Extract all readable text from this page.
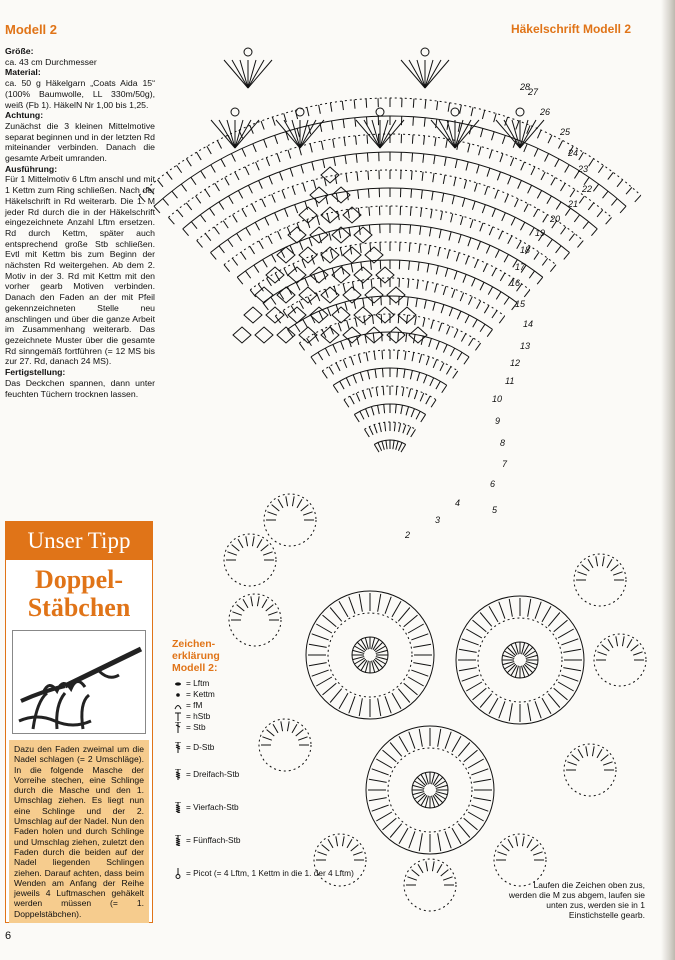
Modell 2
Größe:
ca. 43 cm Durchmesser
Material:
ca. 50 g Häkelgarn „Coats Aida 15“ (100% Baumwolle, LL 330m/50g), weiß (Fb 1). HäkelN Nr 1,00 bis 1,25.
Achtung:
Zunächst die 3 kleinen Mittelmotive separat beginnen und in der letzten Rd miteinander verbinden. Danach die gesamte Arbeit umranden.
Ausführung:
Für 1 Mittelmotiv 6 Lftm anschl und mit 1 Kettm zum Ring schließen. Nach der Häkelschrift in Rd weiterarb. Die 1. M jeder Rd durch die in der Häkelschrift eingezeichnete Anzahl Lftm ersetzen. Rd durch Kettm, später auch entsprechend große Stb schließen. Evtl mit Kettm bis zum Beginn der nächsten Rd weitergehen. Ab dem 2. Motiv in der 3. Rd mit Kettm mit den vorher gearb Motiven verbinden. Danach den Faden an der mit Pfeil gekennzeichneten Stelle neu anschlingen und über die ganze Arbeit im Zusammenhang weiterarb. Das gezeichnete Muster über die gesamte Rd sinngemäß fortführen (= 12 MS bis zur 27. Rd, danach 24 MS).
Fertigstellung:
Das Deckchen spannen, dann unter feuchten Tüchern trocknen lassen.
Unser Tipp
Doppel-
Stäbchen
Dazu den Faden zweimal um die Nadel schlagen (= 2 Umschläge). In die folgende Masche der Vorreihe stechen, eine Schlinge durch die Masche und den 1. Umschlag ziehen. Es liegt nun eine Schlinge und der 2. Umschlag auf der Nadel. Nun den Faden holen und durch Schlinge und Umschlag ziehen, zuletzt den Faden durch die beiden auf der Nadel liegenden Schlingen ziehen. Darauf achten, dass beim Wenden am Anfang der Reihe jeweils 4 Luftmaschen gehäkelt werden müssen (= 1. Doppelstäbchen).
6
Häkelschrift Modell 2
2
3
4
5
6
7
8
9
10
11
12
13
14
15
16
17
18
19
20
21
22
23
24
25
26
27
28
Zeichen-erklärung Modell 2:
= Lftm
= Kettm
= fM
= hStb
= Stb
= D-Stb
= Dreifach-Stb
= Vierfach-Stb
= Fünffach-Stb
= Picot (= 4 Lftm, 1 Kettm in die 1. der 4 Lftm)
Laufen die Zeichen oben zus, werden die M zus abgem, laufen sie unten zus, werden sie in 1 Einstichstelle gearb.
